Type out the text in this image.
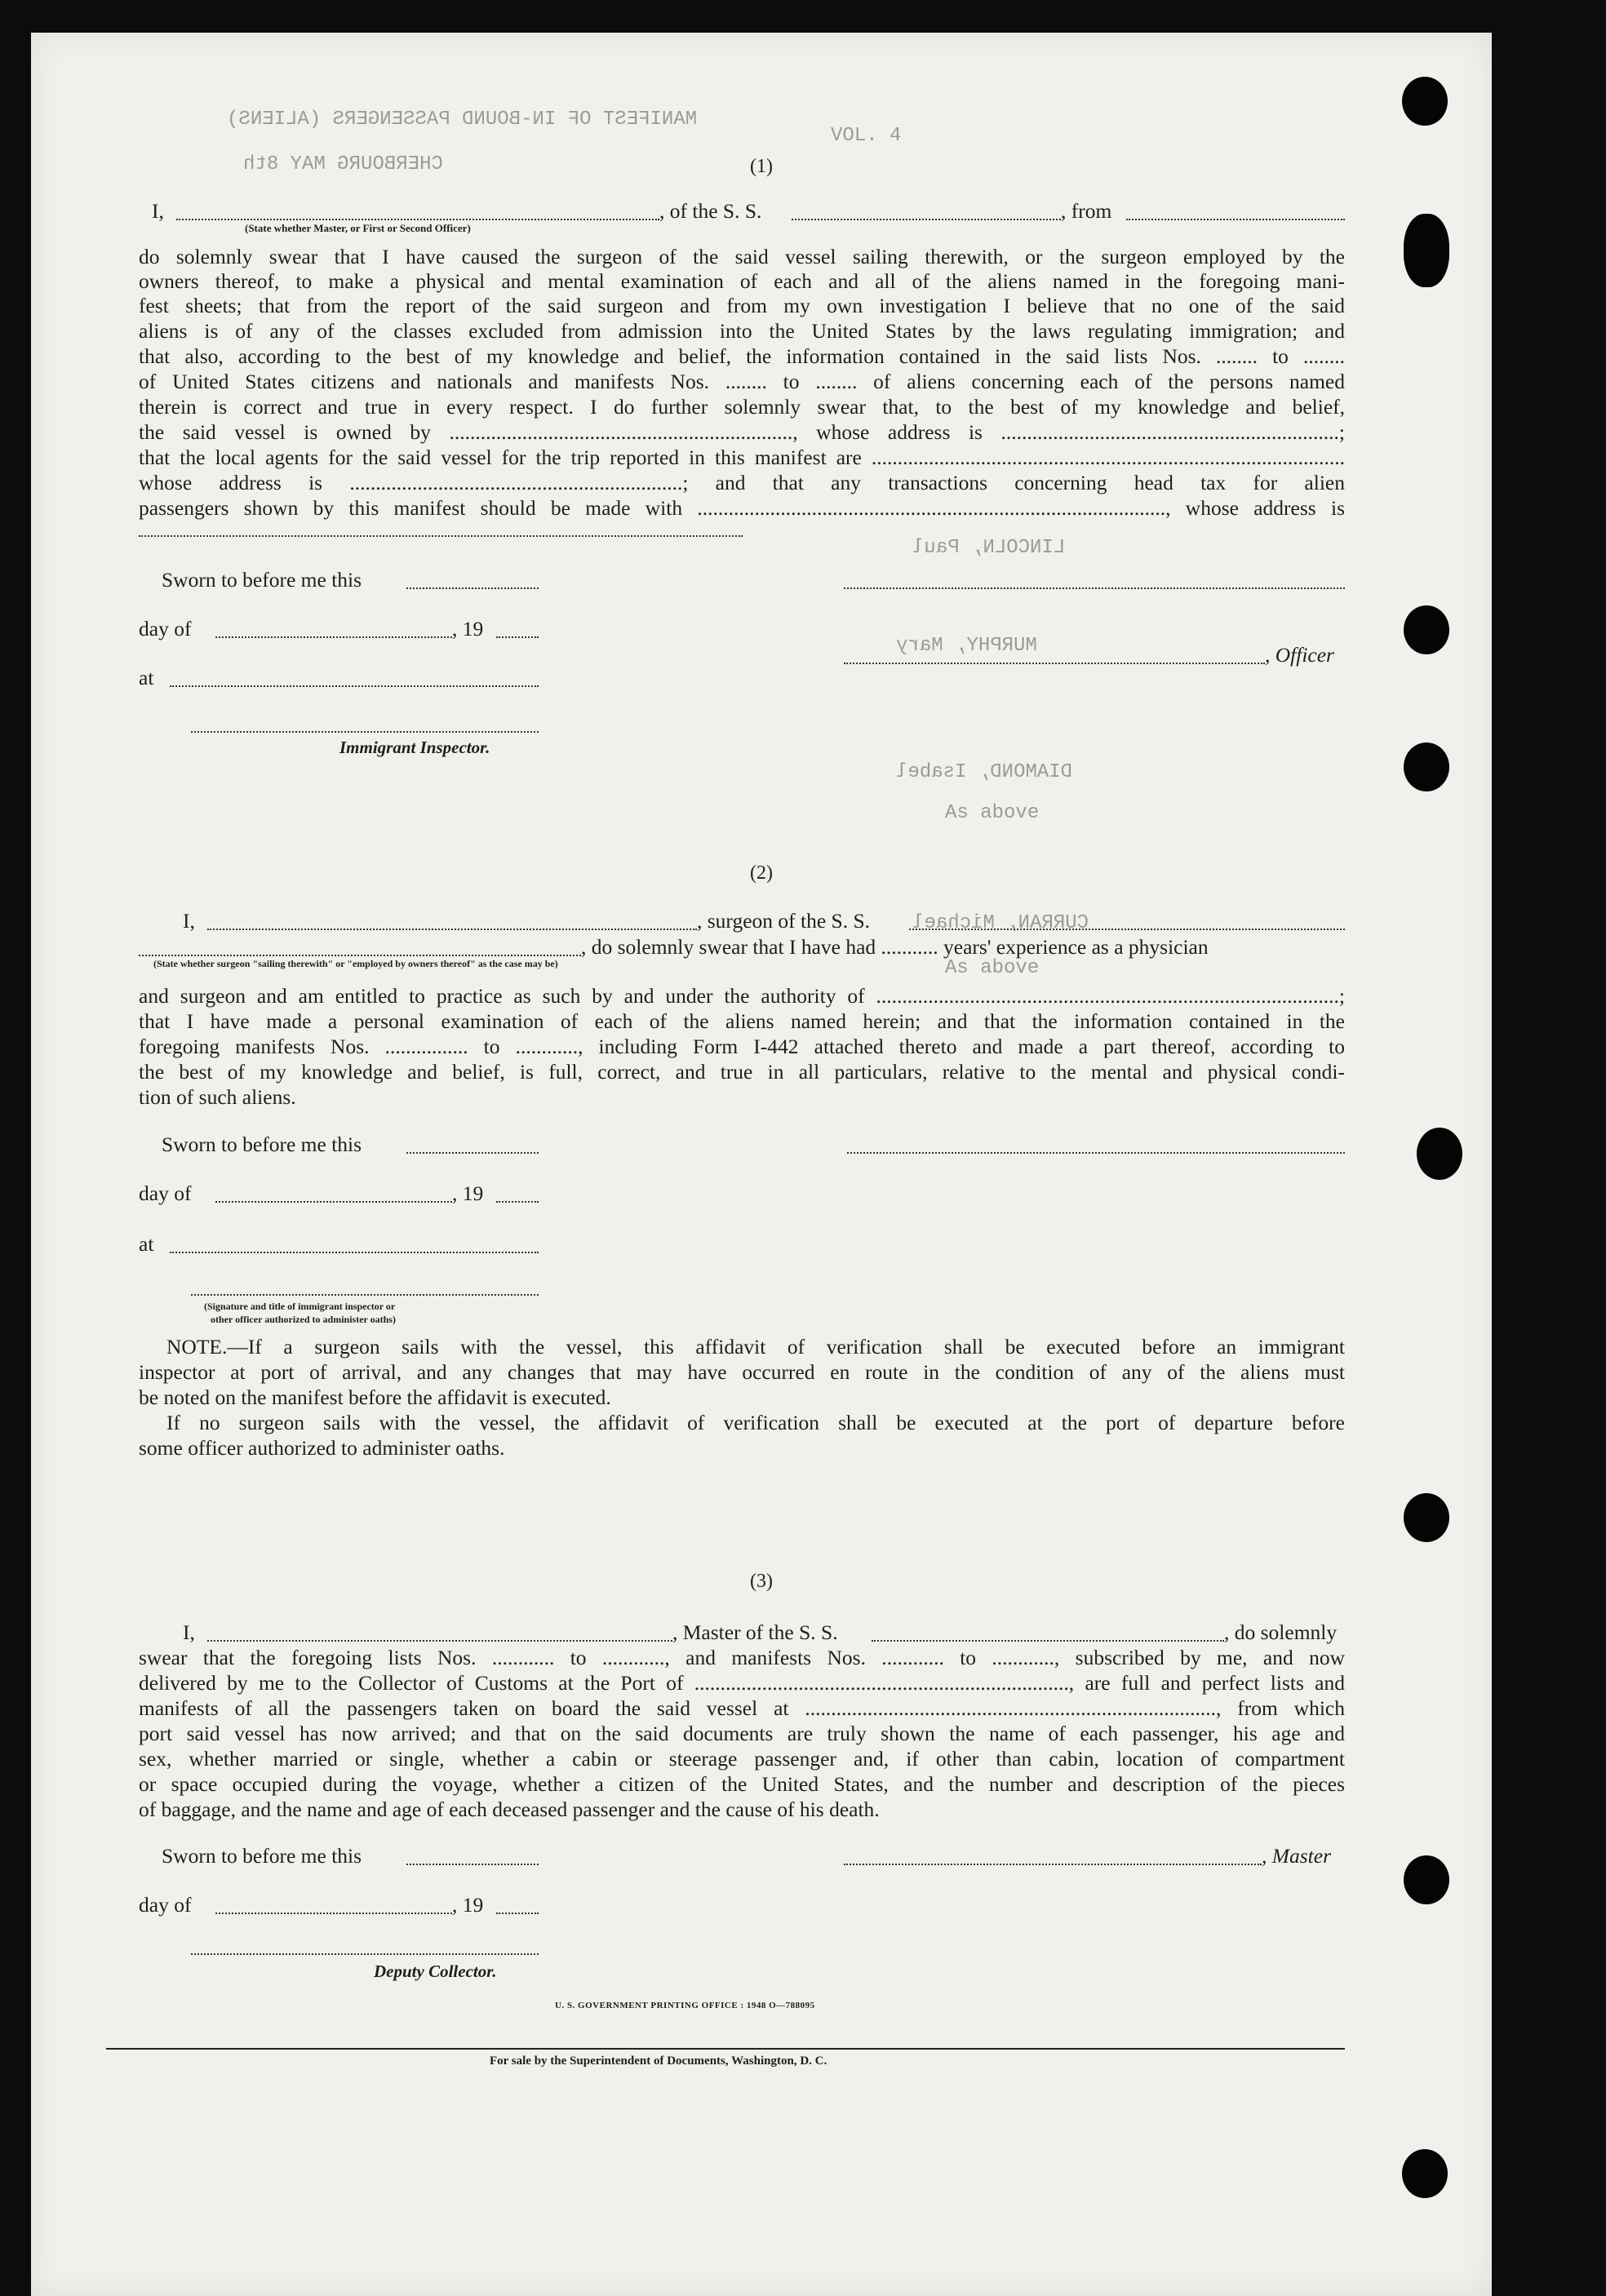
MANIFEST OF IN-BOUND PASSENGERS (ALIENS)
CHERBOURG MAY 8th
VOL. 4
LINCOLN, Paul
MURPHY, Mary
DIAMOND, Isabel
As above
CURRAN, Michael
As above
(1)
I,	, of the S. S.	, from
(State whether Master, or First or Second Officer)
do solemnly swear that I have caused the surgeon of the said vessel sailing therewith, or the surgeon employed by the
owners thereof, to make a physical and mental examination of each and all of the aliens named in the foregoing mani-
fest sheets; that from the report of the said surgeon and from my own investigation I believe that no one of the said
aliens is of any of the classes excluded from admission into the United States by the laws regulating immigration; and
that also, according to the best of my knowledge and belief, the information contained in the said lists Nos. ........ to ........
of United States citizens and nationals and manifests Nos. ........ to ........ of aliens concerning each of the persons named
therein is correct and true in every respect. I do further solemnly swear that, to the best of my knowledge and belief,
the said vessel is owned by .................................................................., whose address is .................................................................;
that the local agents for the said vessel for the trip reported in this manifest are ...........................................................................................
whose address is ................................................................; and that any transactions concerning head tax for alien
passengers shown by this manifest should be made with .........................................................................................., whose address is
Sworn to before me this
day of	, 19
, Officer
at
Immigrant Inspector.
(2)
I,	, surgeon of the S. S.
, do solemnly swear that I have had ........... years' experience as a physician
(State whether surgeon "sailing therewith" or "employed by owners thereof" as the case may be)
and surgeon and am entitled to practice as such by and under the authority of .........................................................................................;
that I have made a personal examination of each of the aliens named herein; and that the information contained in the
foregoing manifests Nos. ................ to ............, including Form I-442 attached thereto and made a part thereof, according to
the best of my knowledge and belief, is full, correct, and true in all particulars, relative to the mental and physical condi-
tion of such aliens.
Sworn to before me this
day of	, 19
at
(Signature and title of immigrant inspector or
other officer authorized to administer oaths)
NOTE.—If a surgeon sails with the vessel, this affidavit of verification shall be executed before an immigrant
inspector at port of arrival, and any changes that may have occurred en route in the condition of any of the aliens must
be noted on the manifest before the affidavit is executed.
If no surgeon sails with the vessel, the affidavit of verification shall be executed at the port of departure before
some officer authorized to administer oaths.
(3)
I,	, Master of the S. S.	, do solemnly
swear that the foregoing lists Nos. ............ to ............, and manifests Nos. ............ to ............, subscribed by me, and now
delivered by me to the Collector of Customs at the Port of ........................................................................, are full and perfect lists and
manifests of all the passengers taken on board the said vessel at ..............................................................................., from which
port said vessel has now arrived; and that on the said documents are truly shown the name of each passenger, his age and
sex, whether married or single, whether a cabin or steerage passenger and, if other than cabin, location of compartment
or space occupied during the voyage, whether a citizen of the United States, and the number and description of the pieces
of baggage, and the name and age of each deceased passenger and the cause of his death.
Sworn to before me this	, Master
day of	, 19
Deputy Collector.
U. S. GOVERNMENT PRINTING OFFICE : 1948 O—788095
For sale by the Superintendent of Documents, Washington, D. C.
